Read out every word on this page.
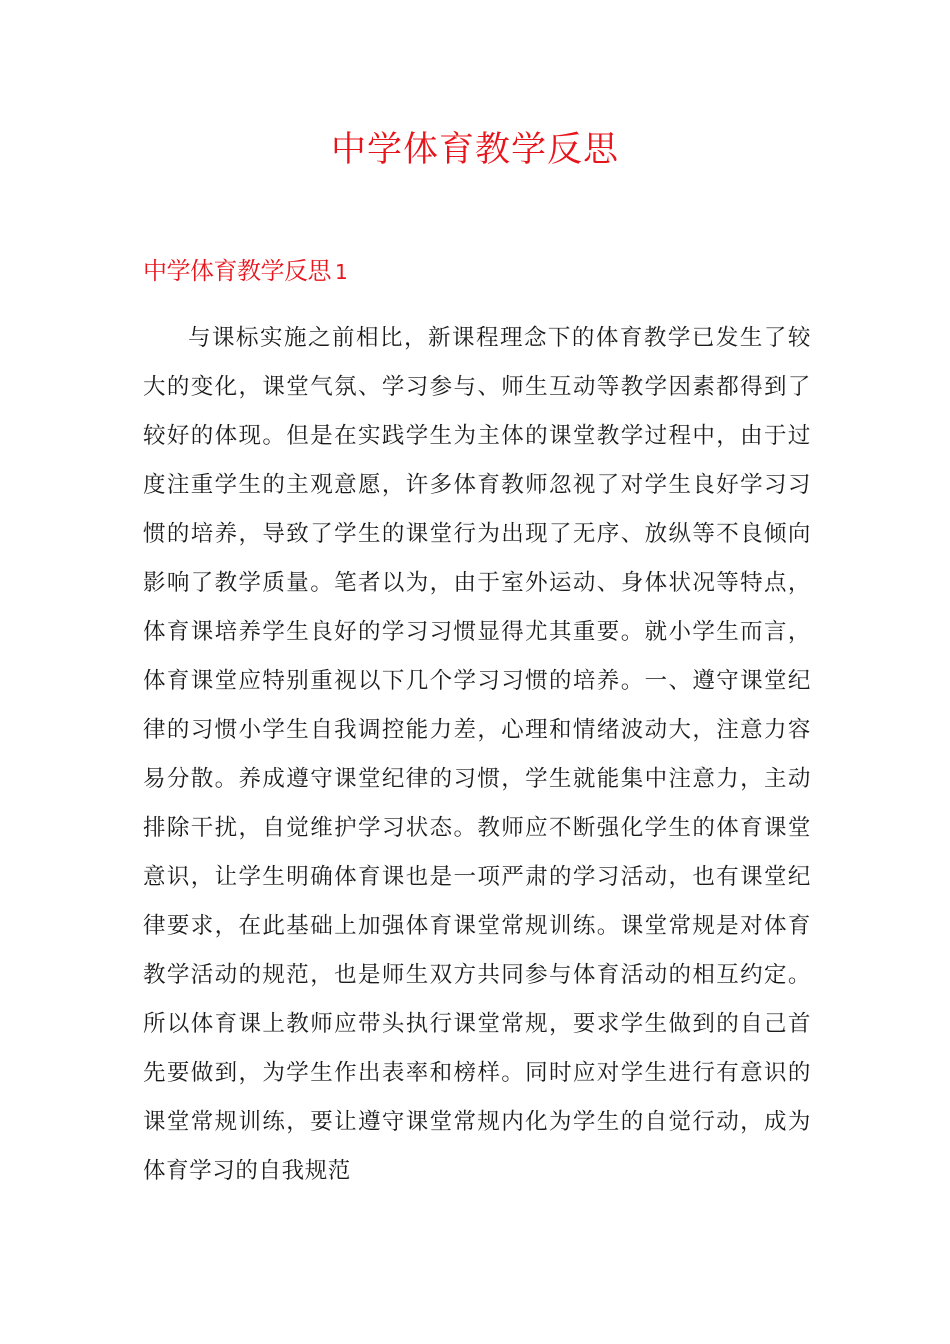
中学体育教学反思
中学体育教学反思 1

与课标实施之前相比，新课程理念下的体育教学已发生了较大的变化，课堂气氛、学习参与、师生互动等教学因素都得到了较好的体现。但是在实践学生为主体的课堂教学过程中，由于过度注重学生的主观意愿，许多体育教师忽视了对学生良好学习习惯的培养，导致了学生的课堂行为出现了无序、放纵等不良倾向影响了教学质量。笔者以为，由于室外运动、身体状况等特点，体育课培养学生良好的学习习惯显得尤其重要。就小学生而言，体育课堂应特别重视以下几个学习习惯的培养。一、遵守课堂纪律的习惯小学生自我调控能力差，心理和情绪波动大，注意力容易分散。养成遵守课堂纪律的习惯，学生就能集中注意力，主动排除干扰，自觉维护学习状态。教师应不断强化学生的体育课堂意识，让学生明确体育课也是一项严肃的学习活动，也有课堂纪律要求，在此基础上加强体育课堂常规训练。课堂常规是对体育教学活动的规范，也是师生双方共同参与体育活动的相互约定。所以体育课上教师应带头执行课堂常规，要求学生做到的自己首先要做到，为学生作出表率和榜样。同时应对学生进行有意识的课堂常规训练，要让遵守课堂常规内化为学生的自觉行动，成为体育学习的自我规范
